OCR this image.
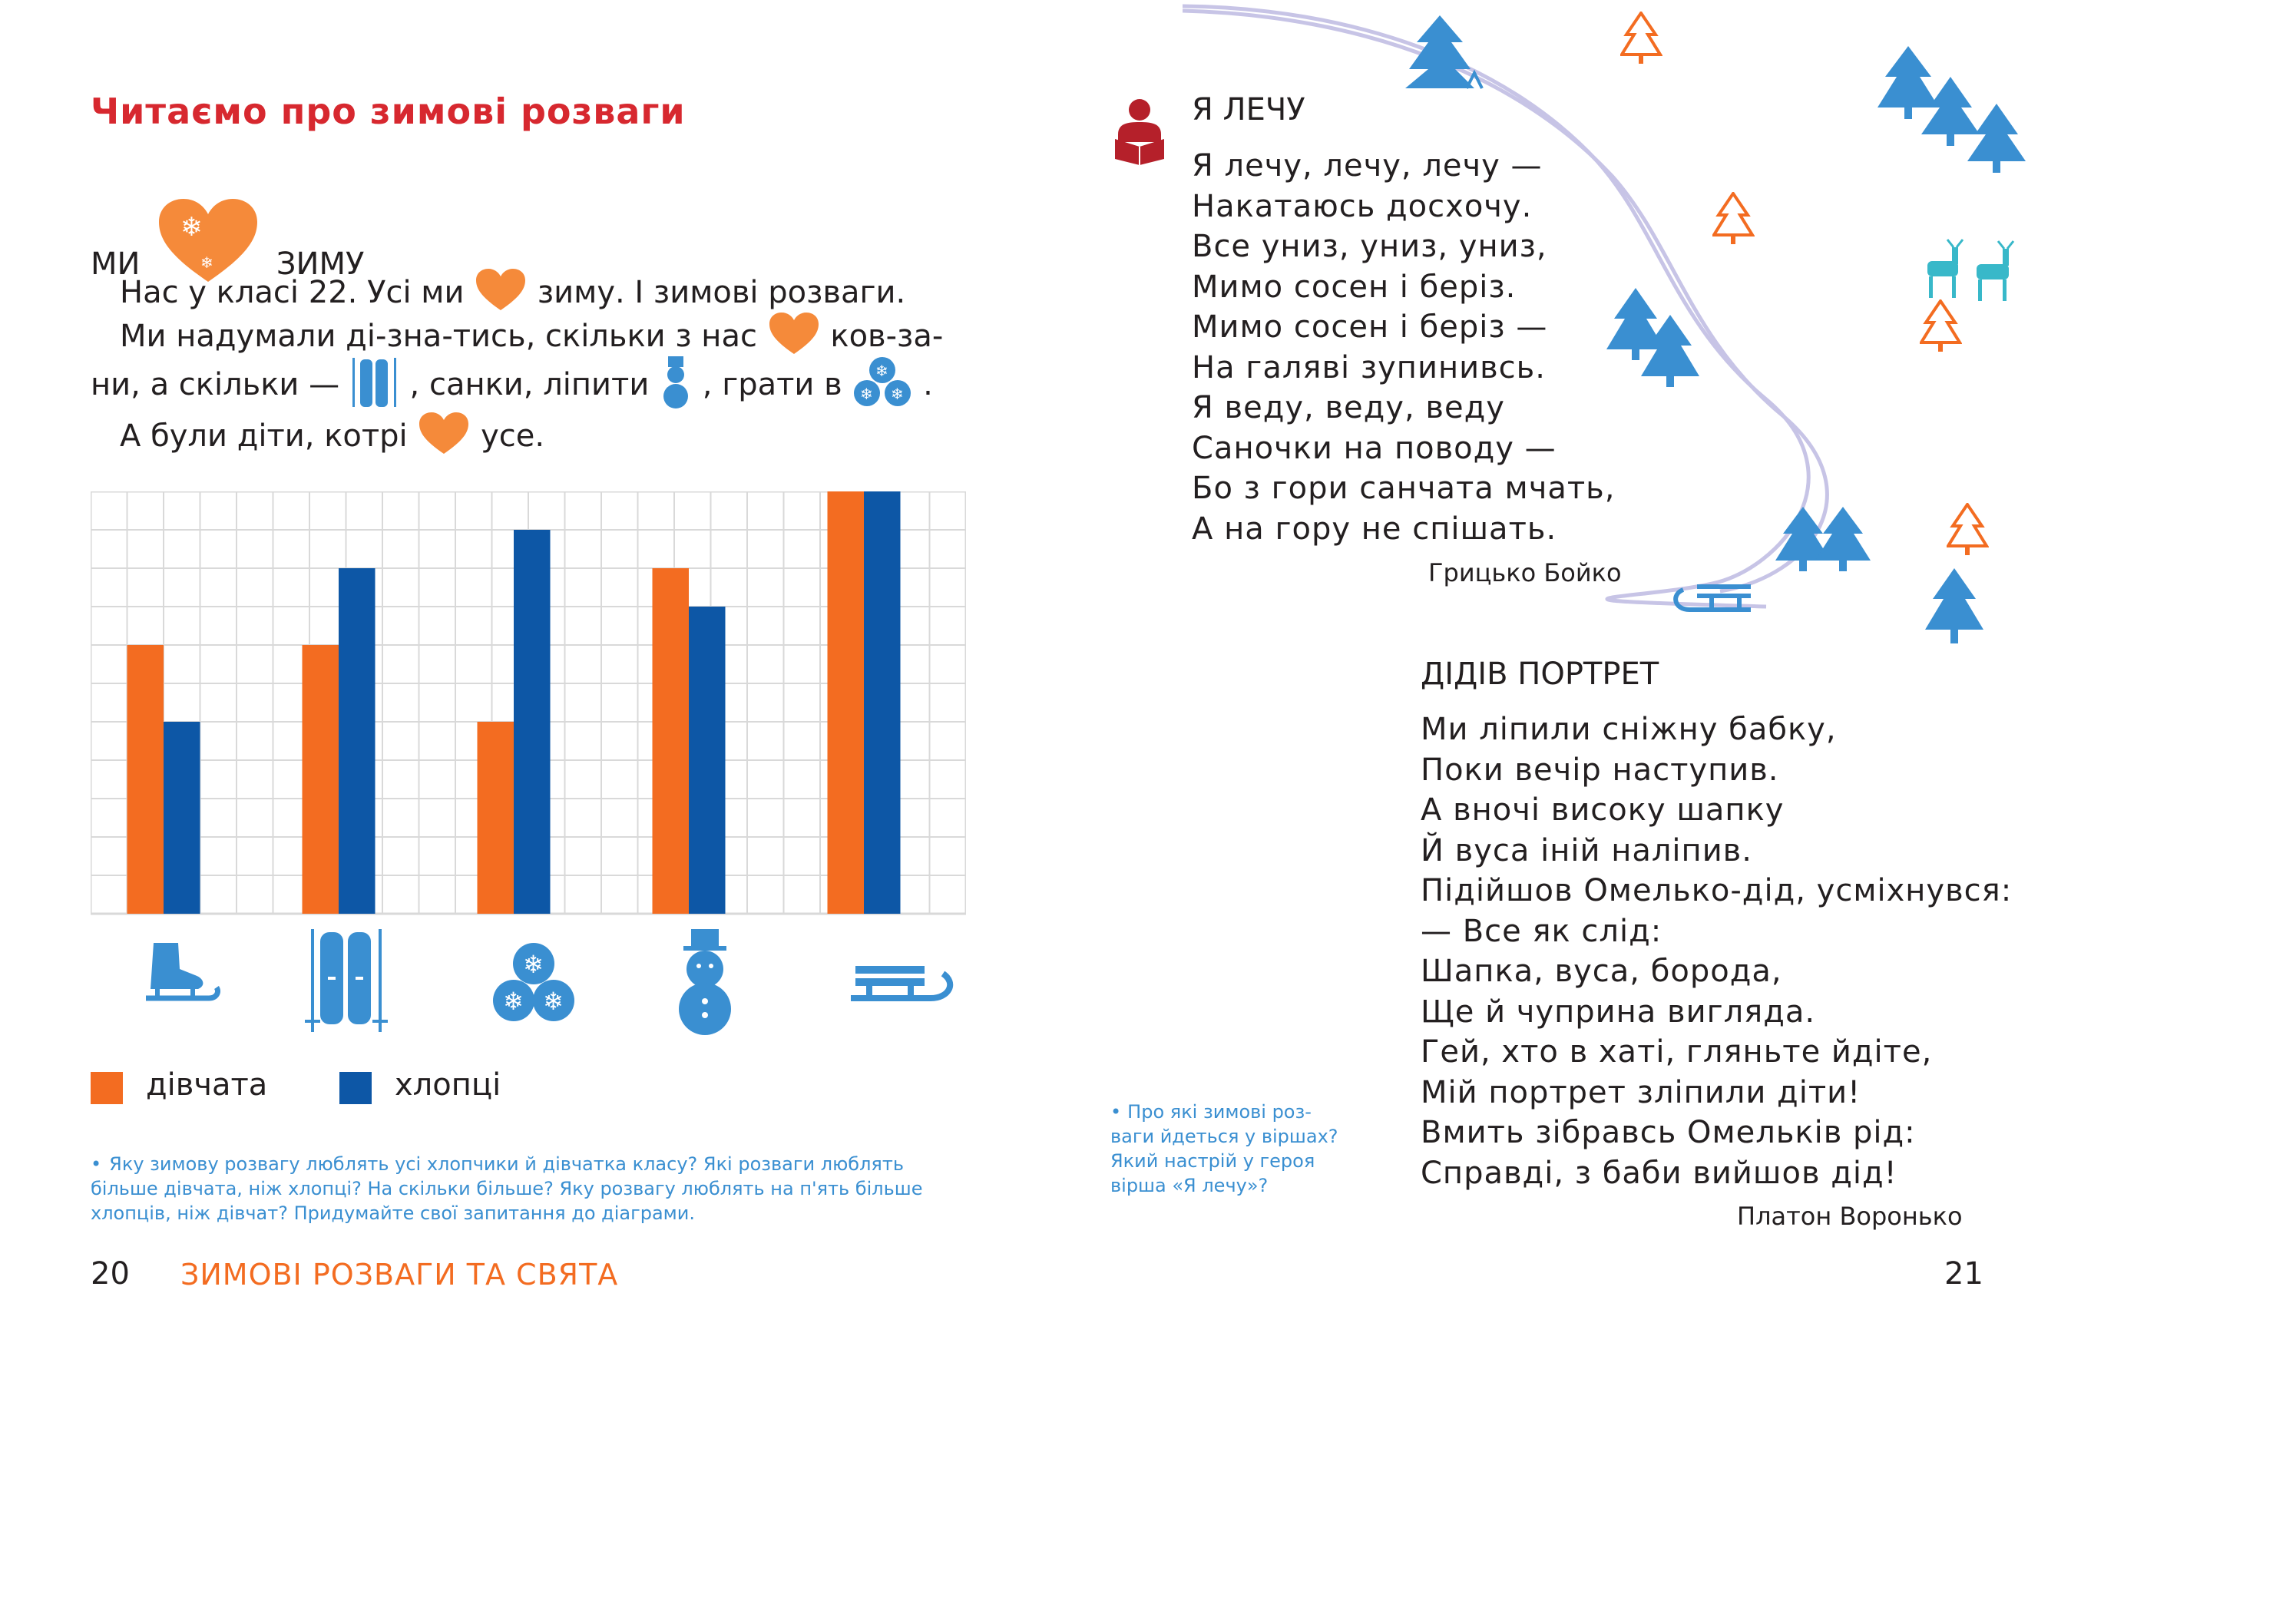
Читаємо про зимові розваги
МИ
❄
❄ ЗИМУ
Нас у класі 22. Усі ми зиму. І зимові розваги.
Ми надумали ді-зна-тись, скільки з нас ков-за-
ни, а скільки — , санки, ліпити , грати в ❄
❄ ❄ .
А були діти, котрі усе.
❄
❄ ❄
дівчата	хлопці
• Яку зимову розвагу люблять усі хлопчики й дівчатка класу? Які розваги люблять більше дівчата, ніж хлопці? На скільки більше? Яку розвагу люблять на п'ять більше хлопців, ніж дівчат? Придумайте свої запитання до діаграми.
20 ЗИМОВІ РОЗВАГИ ТА СВЯТА
Я ЛЕЧУ
Я лечу, лечу, лечу —
Накатаюсь досхочу.
Все униз, униз, униз,
Мимо сосен і беріз.
Мимо сосен і беріз —
На галяві зупинивсь.
Я веду, веду, веду
Саночки на поводу —
Бо з гори санчата мчать,
А на гору не спішать.
Грицько Бойко
ДІДІВ ПОРТРЕТ
Ми ліпили сніжну бабку,
Поки вечір наступив.
А вночі високу шапку
Й вуса іній наліпив.
Підійшов Омелько-дід, усміхнувся:
— Все як слід:
Шапка, вуса, борода,
Ще й чуприна вигляда.
Гей, хто в хаті, гляньте йдіте,
Мій портрет зліпили діти!
Вмить зібравсь Омельків рід:
Справді, з баби вийшов дід!
Платон Воронько
• Про які зимові роз-ваги йдеться у віршах? Який настрій у героя вірша «Я лечу»?
21
